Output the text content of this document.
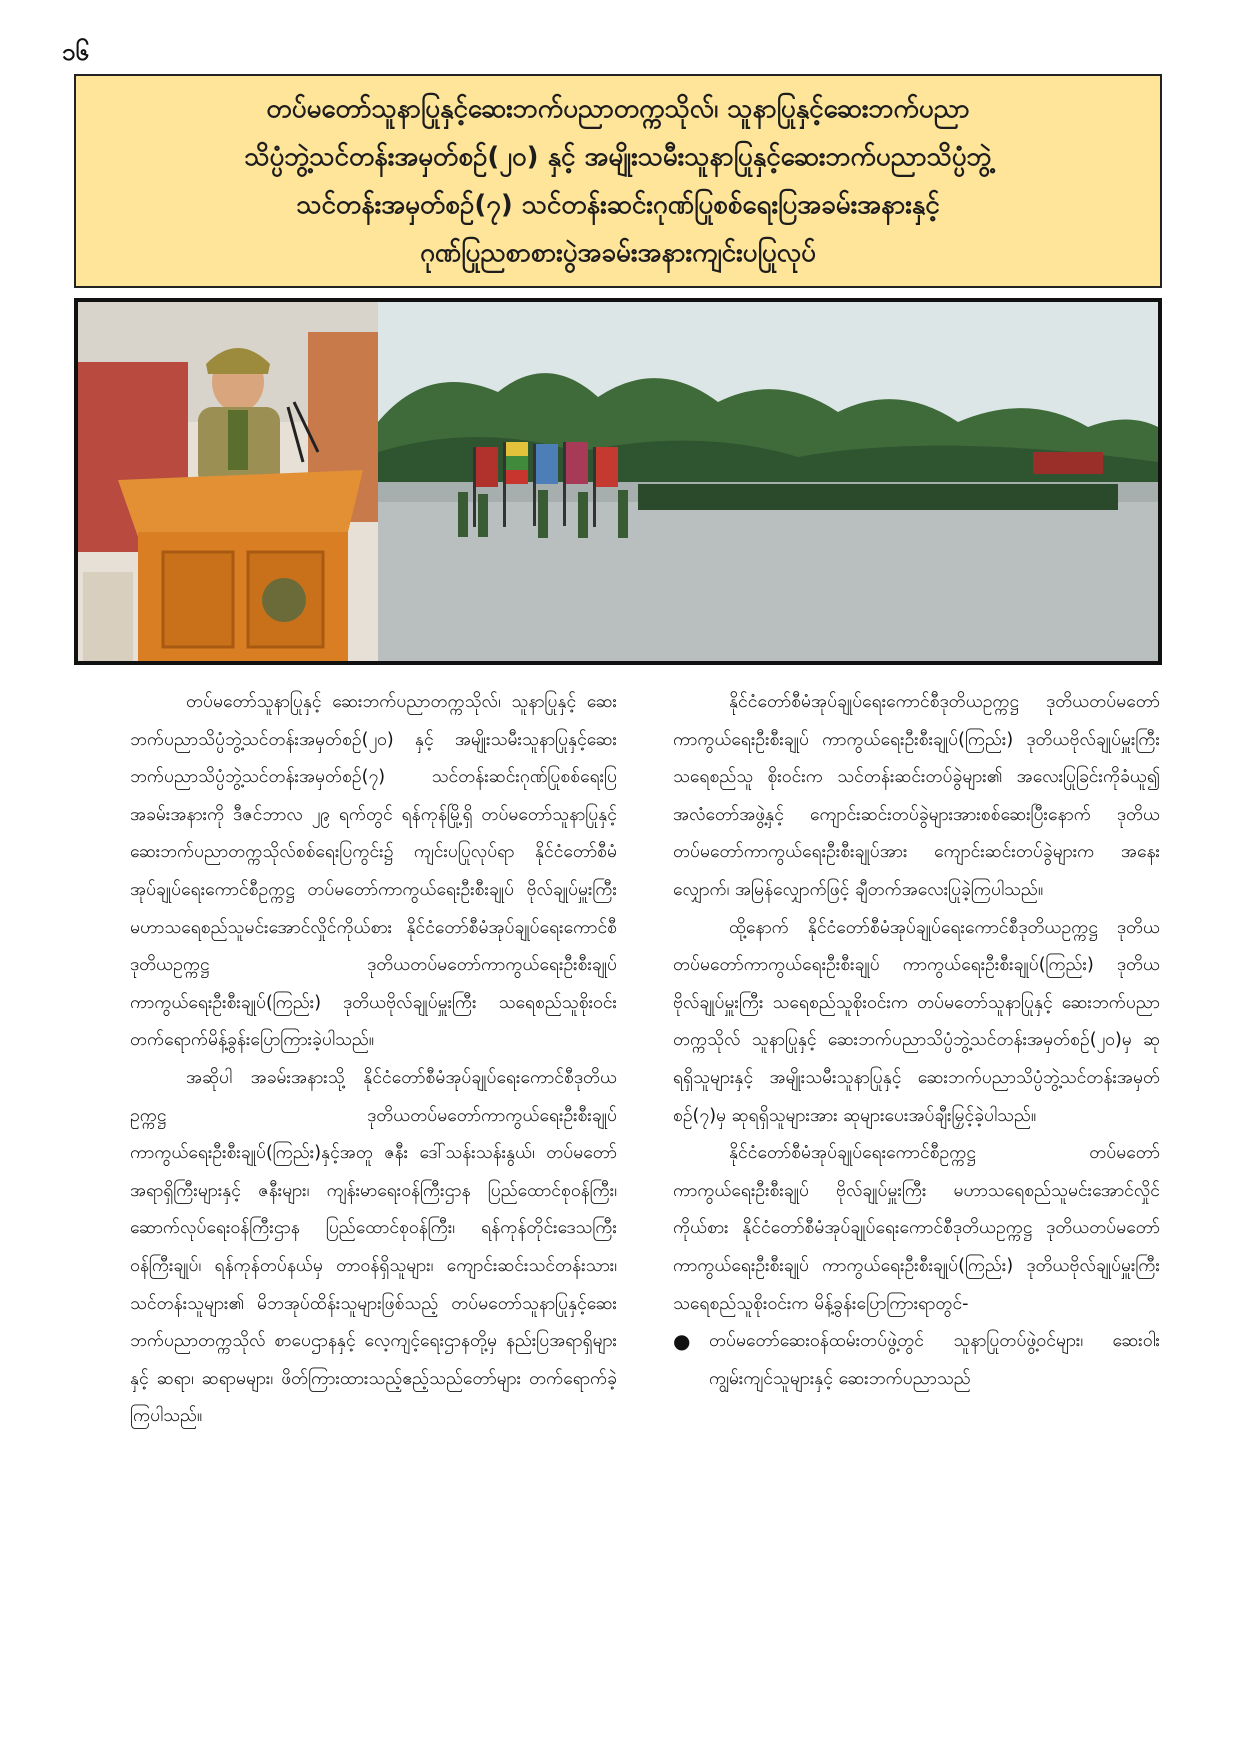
၁၆
တပ်မတော်သူနာပြုနှင့်ဆေးဘက်ပညာတက္ကသိုလ်၊ သူနာပြုနှင့်ဆေးဘက်ပညာ
သိပ္ပံဘွဲ့သင်တန်းအမှတ်စဉ်(၂၀) နှင့် အမျိုးသမီးသူနာပြုနှင့်ဆေးဘက်ပညာသိပ္ပံဘွဲ့
သင်တန်းအမှတ်စဉ်(၇) သင်တန်းဆင်းဂုဏ်ပြုစစ်ရေးပြအခမ်းအနားနှင့်
ဂုဏ်ပြုညစာစားပွဲအခမ်းအနားကျင်းပပြုလုပ်

တပ်မတော်သူနာပြုနှင့် ဆေးဘက်ပညာတက္ကသိုလ်၊ သူနာပြုနှင့် ဆေးဘက်ပညာသိပ္ပံဘွဲ့သင်တန်းအမှတ်စဉ်(၂၀) နှင့် အမျိုးသမီးသူနာပြုနှင့်ဆေးဘက်ပညာသိပ္ပံဘွဲ့သင်တန်းအမှတ်စဉ်(၇) သင်တန်းဆင်းဂုဏ်ပြုစစ်ရေးပြအခမ်းအနားကို ဒီဇင်ဘာလ ၂၉ ရက်တွင် ရန်ကုန်မြို့ရှိ တပ်မတော်သူနာပြုနှင့် ဆေးဘက်ပညာတက္ကသိုလ်စစ်ရေးပြကွင်း၌ ကျင်းပပြုလုပ်ရာ နိုင်ငံတော်စီမံအုပ်ချုပ်ရေးကောင်စီဥက္ကဋ္ဌ တပ်မတော်ကာကွယ်ရေးဦးစီးချုပ် ဗိုလ်ချုပ်မှူးကြီးမဟာသရေစည်သူမင်းအောင်လှိုင်ကိုယ်စား နိုင်ငံတော်စီမံအုပ်ချုပ်ရေးကောင်စီဒုတိယဥက္ကဋ္ဌ ဒုတိယတပ်မတော်ကာကွယ်ရေးဦးစီးချုပ် ကာကွယ်ရေးဦးစီးချုပ်(ကြည်း) ဒုတိယဗိုလ်ချုပ်မှူးကြီး သရေစည်သူစိုးဝင်း တက်ရောက်မိန့်ခွန်းပြောကြားခဲ့ပါသည်။

အဆိုပါ အခမ်းအနားသို့ နိုင်ငံတော်စီမံအုပ်ချုပ်ရေးကောင်စီဒုတိယဥက္ကဋ္ဌ ဒုတိယတပ်မတော်ကာကွယ်ရေးဦးစီးချုပ်ကာကွယ်ရေးဦးစီးချုပ်(ကြည်း)နှင့်အတူ ဇနီး ဒေါ်သန်းသန်းနွယ်၊ တပ်မတော်အရာရှိကြီးများနှင့် ဇနီးများ၊ ကျန်းမာရေးဝန်ကြီးဌာန ပြည်ထောင်စုဝန်ကြီး၊ ဆောက်လုပ်ရေးဝန်ကြီးဌာန ပြည်ထောင်စုဝန်ကြီး၊ ရန်ကုန်တိုင်းဒေသကြီးဝန်ကြီးချုပ်၊ ရန်ကုန်တပ်နယ်မှ တာဝန်ရှိသူများ၊ ကျောင်းဆင်းသင်တန်းသား၊ သင်တန်းသူများ၏ မိဘအုပ်ထိန်းသူများဖြစ်သည့် တပ်မတော်သူနာပြုနှင့်ဆေးဘက်ပညာတက္ကသိုလ် စာပေဌာနနှင့် လေ့ကျင့်ရေးဌာနတို့မှ နည်းပြအရာရှိများနှင့် ဆရာ၊ ဆရာမများ၊ ဖိတ်ကြားထားသည့်ဧည့်သည်တော်များ တက်ရောက်ခဲ့ကြပါသည်။

နိုင်ငံတော်စီမံအုပ်ချုပ်ရေးကောင်စီဒုတိယဥက္ကဋ္ဌ ဒုတိယတပ်မတော်ကာကွယ်ရေးဦးစီးချုပ် ကာကွယ်ရေးဦးစီးချုပ်(ကြည်း) ဒုတိယဗိုလ်ချုပ်မှူးကြီး သရေစည်သူ စိုးဝင်းက သင်တန်းဆင်းတပ်ခွဲများ၏ အလေးပြုခြင်းကိုခံယူ၍ အလံတော်အဖွဲ့နှင့် ကျောင်းဆင်းတပ်ခွဲများအားစစ်ဆေးပြီးနောက် ဒုတိယတပ်မတော်ကာကွယ်ရေးဦးစီးချုပ်အား ကျောင်းဆင်းတပ်ခွဲများက အနေးလျှောက်၊ အမြန်လျှောက်ဖြင့် ချီတက်အလေးပြုခဲ့ကြပါသည်။

ထို့နောက် နိုင်ငံတော်စီမံအုပ်ချုပ်ရေးကောင်စီဒုတိယဥက္ကဋ္ဌ ဒုတိယတပ်မတော်ကာကွယ်ရေးဦးစီးချုပ် ကာကွယ်ရေးဦးစီးချုပ်(ကြည်း) ဒုတိယဗိုလ်ချုပ်မှူးကြီး သရေစည်သူစိုးဝင်းက တပ်မတော်သူနာပြုနှင့် ဆေးဘက်ပညာတက္ကသိုလ် သူနာပြုနှင့် ဆေးဘက်ပညာသိပ္ပံဘွဲ့သင်တန်းအမှတ်စဉ်(၂၀)မှ ဆုရရှိသူများနှင့် အမျိုးသမီးသူနာပြုနှင့် ဆေးဘက်ပညာသိပ္ပံဘွဲ့သင်တန်းအမှတ်စဉ်(၇)မှ ဆုရရှိသူများအား ဆုများပေးအပ်ချီးမြှင့်ခဲ့ပါသည်။

နိုင်ငံတော်စီမံအုပ်ချုပ်ရေးကောင်စီဥက္ကဋ္ဌ တပ်မတော်ကာကွယ်ရေးဦးစီးချုပ် ဗိုလ်ချုပ်မှူးကြီး မဟာသရေစည်သူမင်းအောင်လှိုင်ကိုယ်စား နိုင်ငံတော်စီမံအုပ်ချုပ်ရေးကောင်စီဒုတိယဥက္ကဋ္ဌ ဒုတိယတပ်မတော်ကာကွယ်ရေးဦးစီးချုပ် ကာကွယ်ရေးဦးစီးချုပ်(ကြည်း) ဒုတိယဗိုလ်ချုပ်မှူးကြီး သရေစည်သူစိုးဝင်းက မိန့်ခွန်းပြောကြားရာတွင်-

●	တပ်မတော်ဆေးဝန်ထမ်းတပ်ဖွဲ့တွင် သူနာပြုတပ်ဖွဲ့ဝင်များ၊ ဆေးဝါးကျွမ်းကျင်သူများနှင့် ဆေးဘက်ပညာသည်
